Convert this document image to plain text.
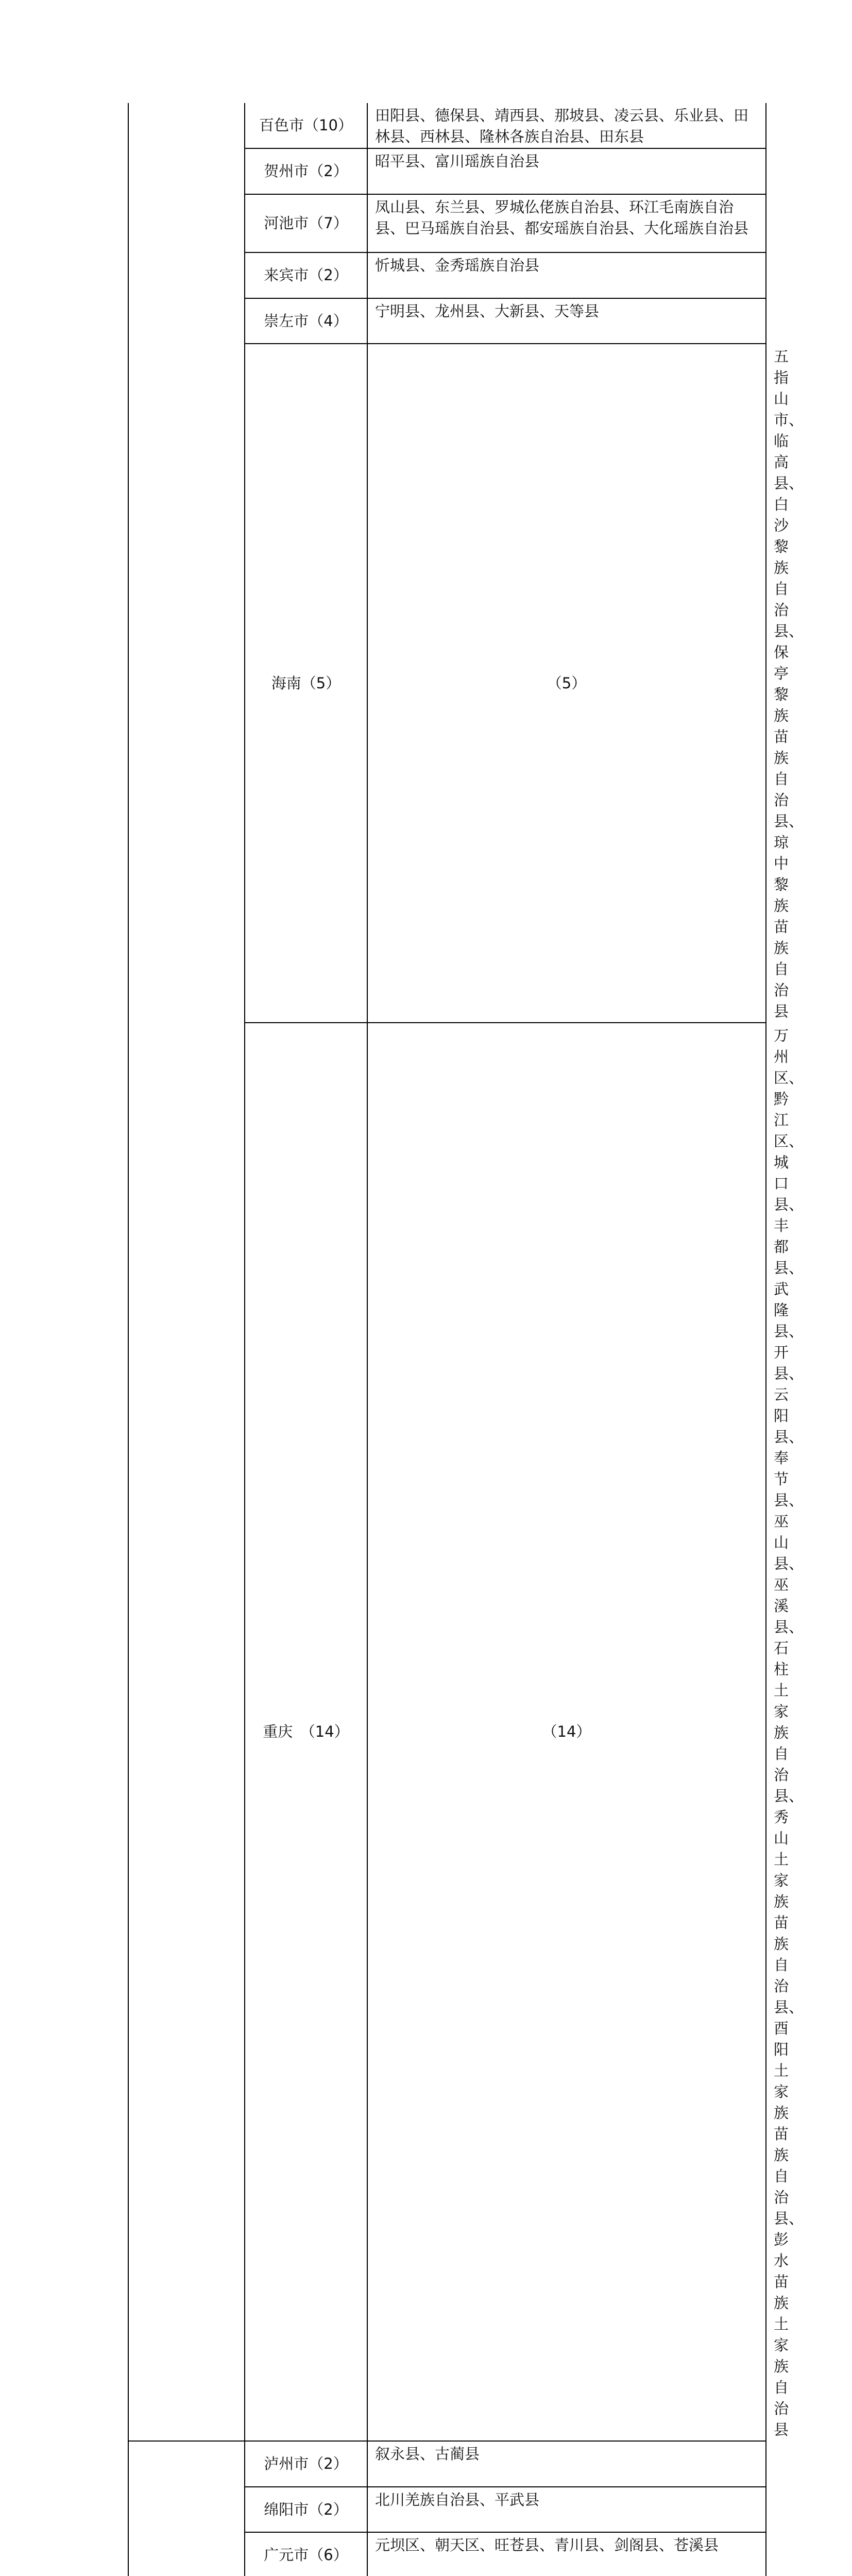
	百色市（10）	田阳县、德保县、靖西县、那坡县、凌云县、乐业县、田林县、西林县、隆林各族自治县、田东县	
	贺州市（2）	昭平县、富川瑶族自治县	
	河池市（7）	凤山县、东兰县、罗城仫佬族自治县、环江毛南族自治县、巴马瑶族自治县、都安瑶族自治县、大化瑶族自治县	
	来宾市（2）	忻城县、金秀瑶族自治县	
	崇左市（4）	宁明县、龙州县、大新县、天等县	
	海南（5）	（5）	五指山市、临高县、白沙黎族自治县、保亭黎族苗族自治县、琼中黎族苗族自治县
	重庆　（14）	（14）	万州区、黔江区、城口县、丰都县、武隆县、开县、云阳县、奉节县、巫山县、巫溪县、石柱土家族自治县、秀山土家族苗族自治县、酉阳土家族苗族自治县、彭水苗族土家族自治县
	泸州市（2）	叙永县、古蔺县	
	绵阳市（2）	北川羌族自治县、平武县	
	广元市（6）	元坝区、朝天区、旺苍县、青川县、剑阁县、苍溪县	
